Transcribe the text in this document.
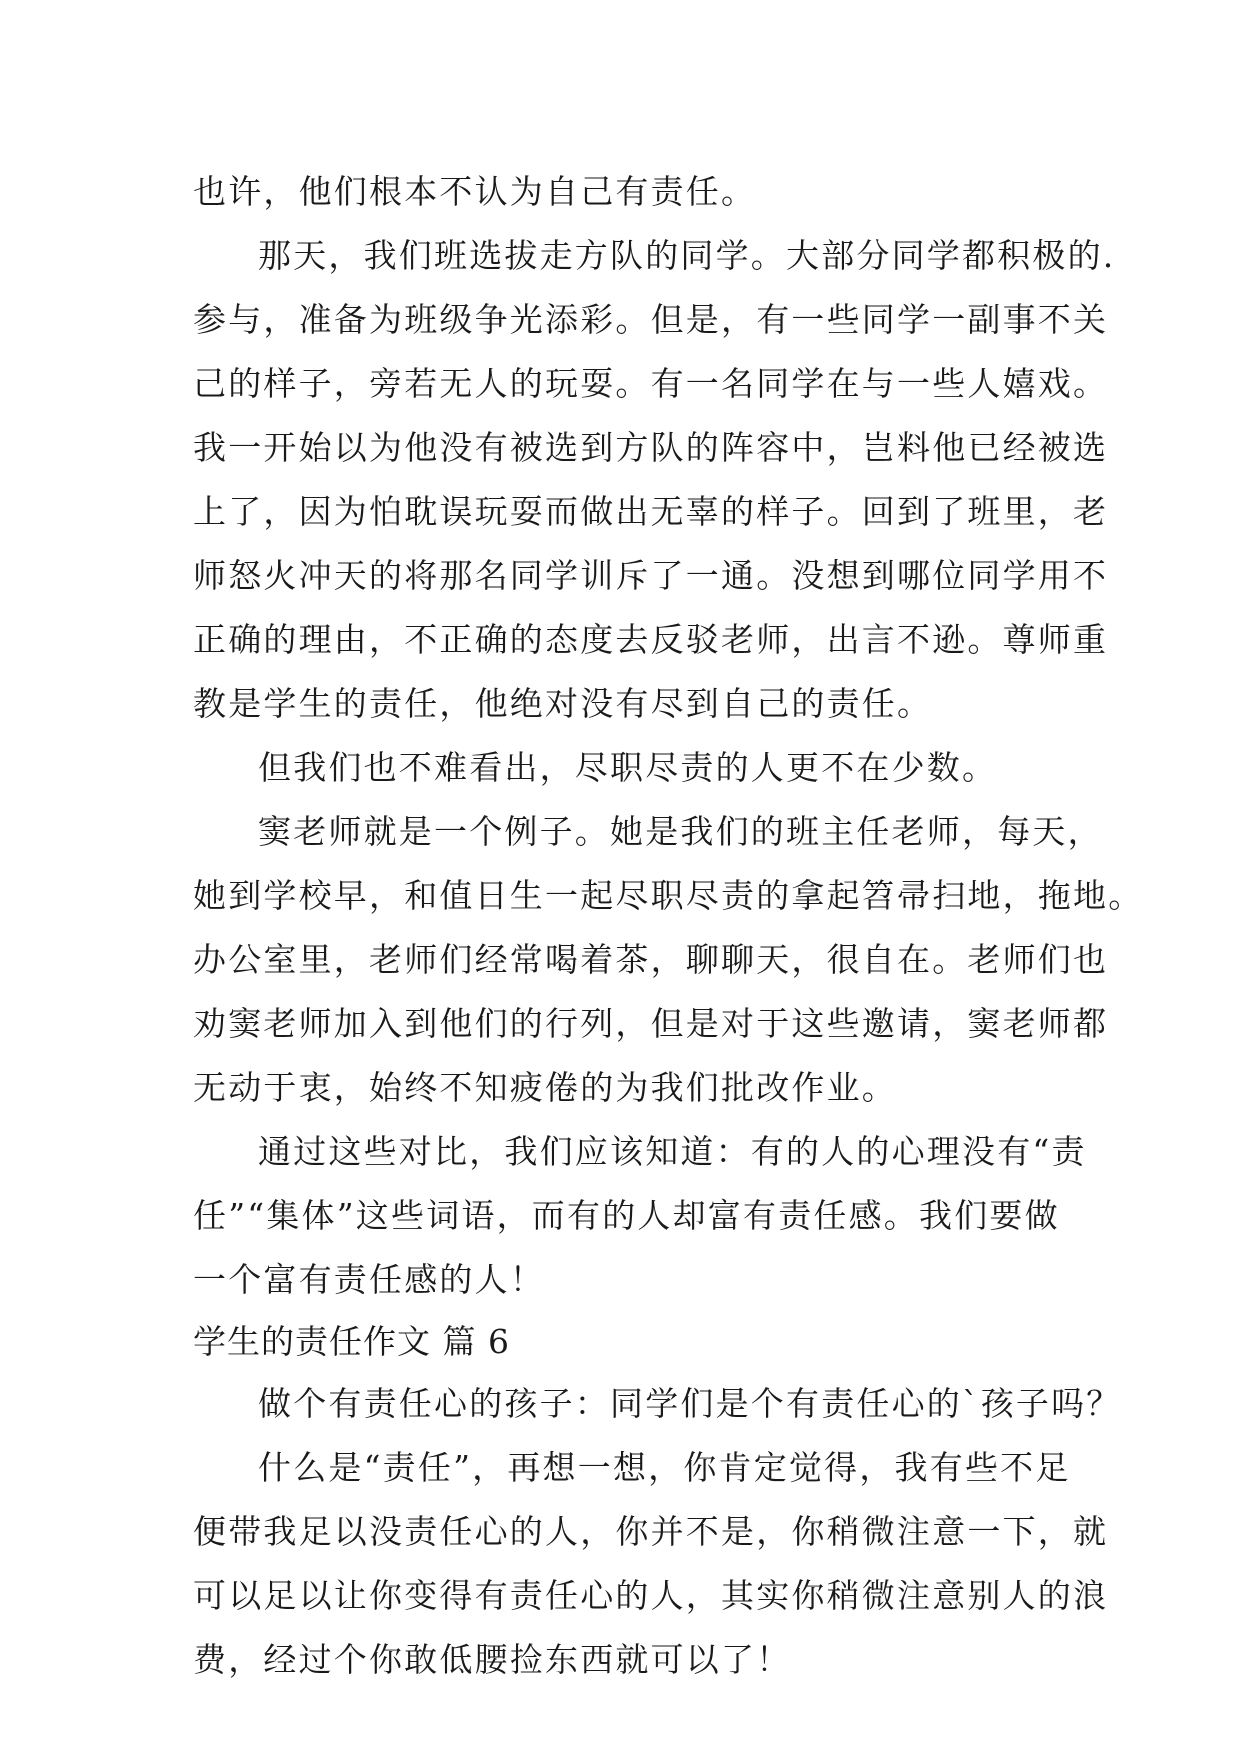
也许，他们根本不认为自己有责任。
那天，我们班选拔走方队的同学。大部分同学都积极的.
参与，准备为班级争光添彩。但是，有一些同学一副事不关
己的样子，旁若无人的玩耍。有一名同学在与一些人嬉戏。
我一开始以为他没有被选到方队的阵容中，岂料他已经被选
上了，因为怕耽误玩耍而做出无辜的样子。回到了班里，老
师怒火冲天的将那名同学训斥了一通。没想到哪位同学用不
正确的理由，不正确的态度去反驳老师，出言不逊。尊师重
教是学生的责任，他绝对没有尽到自己的责任。
但我们也不难看出，尽职尽责的人更不在少数。
窦老师就是一个例子。她是我们的班主任老师，每天，
她到学校早，和值日生一起尽职尽责的拿起笤帚扫地，拖地。
办公室里，老师们经常喝着茶，聊聊天，很自在。老师们也
劝窦老师加入到他们的行列，但是对于这些邀请，窦老师都
无动于衷，始终不知疲倦的为我们批改作业。
通过这些对比，我们应该知道：有的人的心理没有“责
任”“集体”这些词语，而有的人却富有责任感。我们要做
一个富有责任感的人！
学生的责任作文 篇 6
做个有责任心的孩子：同学们是个有责任心的`孩子吗？
什么是“责任”，再想一想，你肯定觉得，我有些不足
便带我足以没责任心的人，你并不是，你稍微注意一下，就
可以足以让你变得有责任心的人，其实你稍微注意别人的浪
费，经过个你敢低腰捡东西就可以了！
